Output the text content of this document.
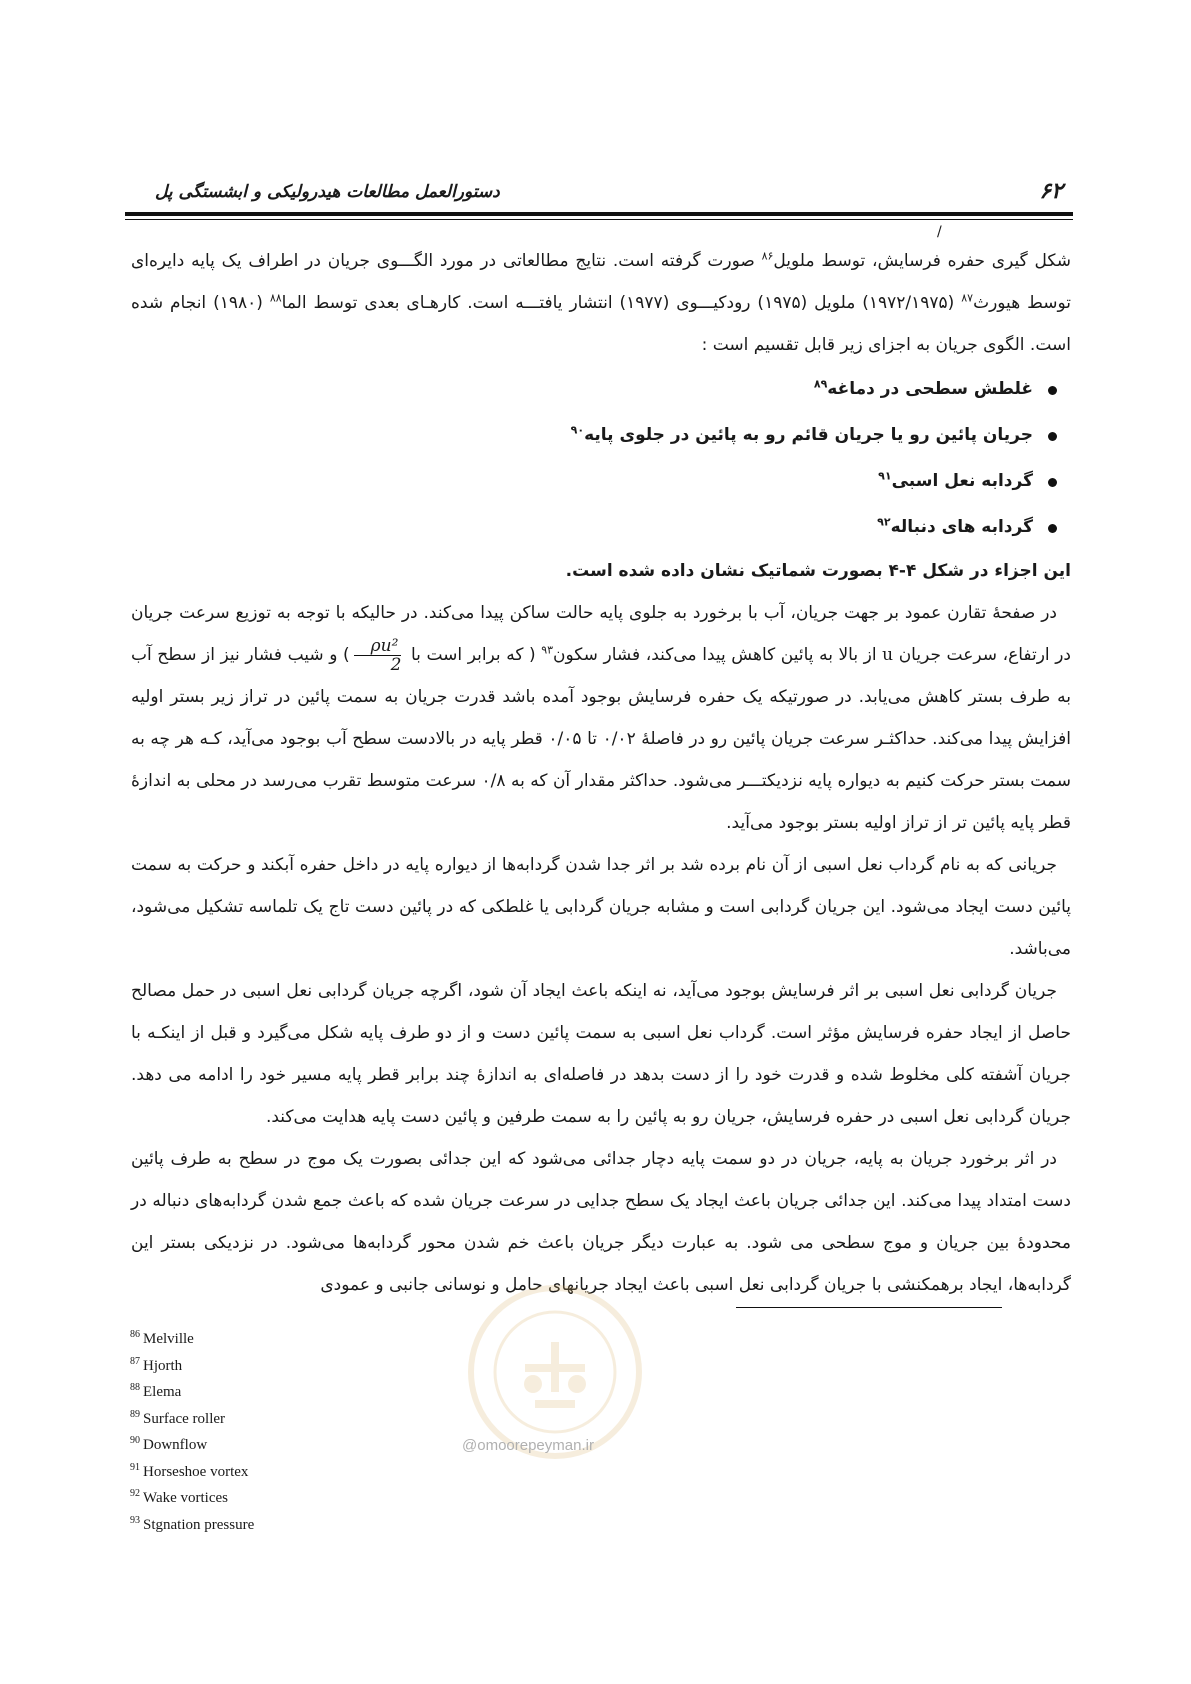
۶۲
دستورالعمل مطالعات هیدرولیکی و ابشستگی پل
/

شکل گیری حفره فرسایش، توسط ملویل$^{۸۶}$ صورت گرفته است. نتایج مطالعاتی در مورد الگـــوی جریان در اطراف یک پایه دایره‌ای توسط هیورث$^{۸۷}$ (۱۹۷۲/۱۹۷۵) ملویل (۱۹۷۵) رودکیـــوی (۱۹۷۷) انتشار یافتـــه است. کارهـای بعدی توسط الما$^{۸۸}$ (۱۹۸۰) انجام شده است. الگوی جریان به اجزای زیر قابل تقسیم است :

غلطش سطحی در دماغه$^{۸۹}$
جریان پائین رو یا جریان قائم رو به پائین در جلوی پایه$^{۹۰}$
گردابه نعل اسبی$^{۹۱}$
گردابه های دنباله$^{۹۲}$

این اجزاء در شکل ۴-۴ بصورت شماتیک نشان داده شده است.

در صفحهٔ تقارن عمود بر جهت جریان، آب با برخورد به جلوی پایه حالت ساکن پیدا می‌کند. در حالیکه با توجه به توزیع سرعت جریان در ارتفاع، سرعت جریان u از بالا به پائین کاهش پیدا می‌کند، فشار سکون$^{۹۳}$ ( که برابر است با
$\frac{\text{ρu²}}{2}$
) و شیب فشار نیز از سطح آب به طرف بستر کاهش می‌یابد. در صورتیکه یک حفره فرسایش بوجود آمده باشد قدرت جریان به سمت پائین در تراز زیر بستر اولیه افزایش پیدا می‌کند. حداکثـر سرعت جریان پائین رو در فاصلهٔ ۰/۰۲ تا ۰/۰۵ قطر پایه در بالادست سطح آب بوجود می‌آید، کـه هر چه به سمت بستر حرکت کنیم به دیواره پایه نزدیکتـــر می‌شود. حداکثر مقدار آن که به ۰/۸ سرعت متوسط تقرب می‌رسد در محلی به اندازهٔ قطر پایه پائین تر از تراز اولیه بستر بوجود می‌آید.

جریانی که به نام گرداب نعل اسبی از آن نام برده شد بر اثر جدا شدن گردابه‌ها از دیواره پایه در داخل حفره آبکند و حرکت به سمت پائین دست ایجاد می‌شود. این جریان گردابی است و مشابه جریان گردابی یا غلطکی که در پائین دست تاج یک تلماسه تشکیل می‌شود، می‌باشد.

جریان گردابی نعل اسبی بر اثر فرسایش بوجود می‌آید، نه اینکه باعث ایجاد آن شود، اگرچه جریان گردابی نعل اسبی در حمل مصالح حاصل از ایجاد حفره فرسایش مؤثر است. گرداب نعل اسبی به سمت پائین دست و از دو طرف پایه شکل می‌گیرد و قبل از اینکـه با جریان آشفته کلی مخلوط شده و قدرت خود را از دست بدهد در فاصله‌ای به اندازهٔ چند برابر قطر پایه مسیر خود را ادامه می دهد. جریان گردابی نعل اسبی در حفره فرسایش، جریان رو به پائین را به سمت طرفین و پائین دست پایه هدایت می‌کند.

در اثر برخورد جریان به پایه، جریان در دو سمت پایه دچار جدائی می‌شود که این جدائی بصورت یک موج در سطح به طرف پائین دست امتداد پیدا می‌کند. این جدائی جریان باعث ایجاد یک سطح جدایی در سرعت جریان شده که باعث جمع شدن گردابه‌های دنباله در محدودهٔ بین جریان و موج سطحی می شود. به عبارت دیگر جریان باعث خم شدن محور گردابه‌ها می‌شود. در نزدیکی بستر این گردابه‌ها، ایجاد برهمکنشی با جریان گردابی نعل اسبی باعث ایجاد جریانهای حامل و نوسانی جانبی و عمودی

@omoorepeyman.ir
$^{86}$ Melville
$^{87}$ Hjorth
$^{88}$ Elema
$^{89}$ Surface roller
$^{90}$ Downflow
$^{91}$ Horseshoe vortex
$^{92}$ Wake vortices
$^{93}$ Stgnation pressure
